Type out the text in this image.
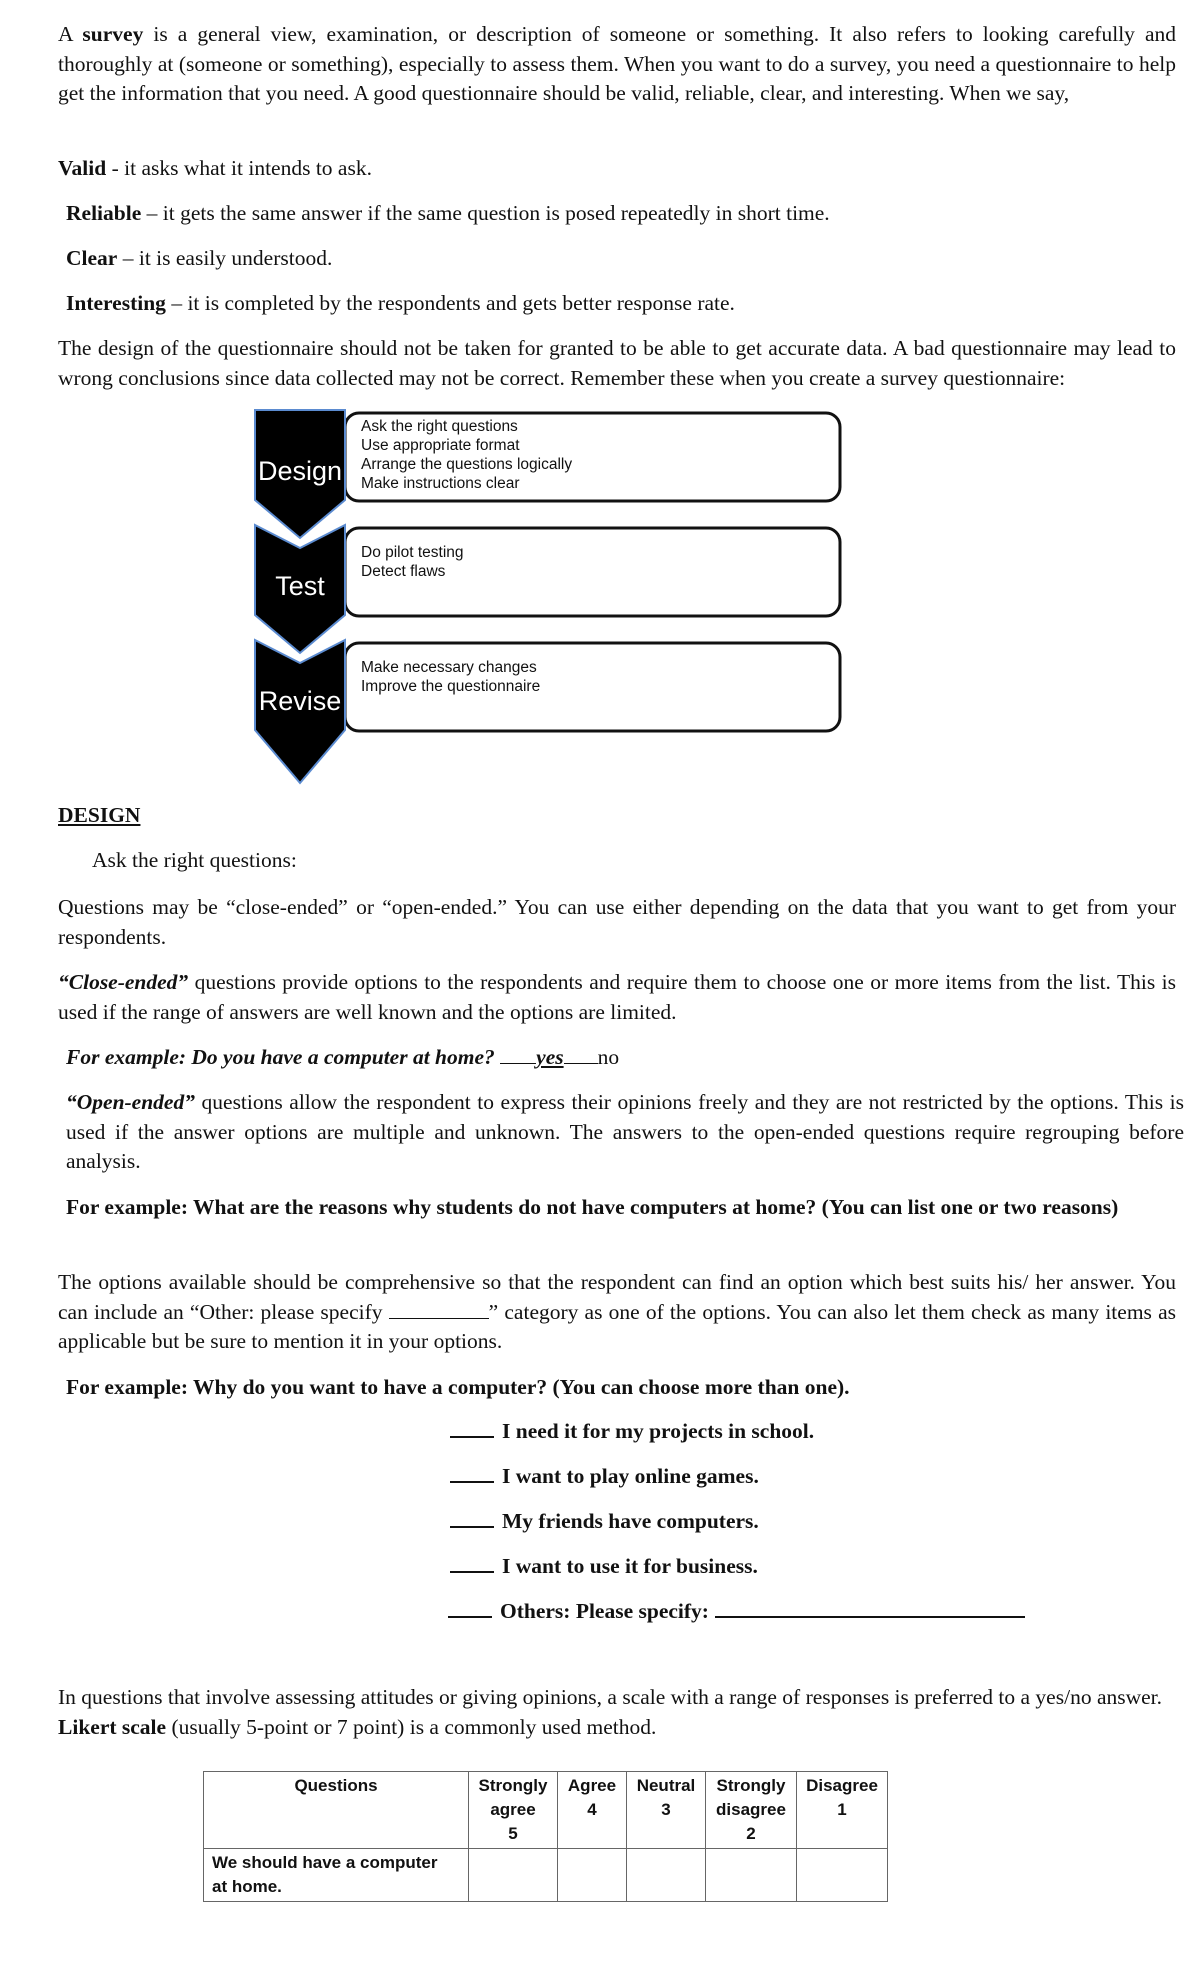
A survey is a general view, examination, or description of someone or something. It also refers to looking carefully and thoroughly at (someone or something), especially to assess them. When you want to do a survey, you need a questionnaire to help get the information that you need. A good questionnaire should be valid, reliable, clear, and interesting. When we say,

Valid - it asks what it intends to ask.

Reliable – it gets the same answer if the same question is posed repeatedly in short time.

Clear – it is easily understood.

Interesting – it is completed by the respondents and gets better response rate.

The design of the questionnaire should not be taken for granted to be able to get accurate data. A bad questionnaire may lead to wrong conclusions since data collected may not be correct. Remember these when you create a survey questionnaire:

Design
Test
Revise
Ask the right questions
Use appropriate format
Arrange the questions logically
Make instructions clear
Do pilot testing
Detect flaws
Make necessary changes
Improve the questionnaire
DESIGN
Ask the right questions:

Questions may be “close-ended” or “open-ended.” You can use either depending on the data that you want to get from your respondents.

“Close-ended” questions provide options to the respondents and require them to choose one or more items from the list. This is used if the range of answers are well known and the options are limited.

For example: Do you have a computer at home? yes no

“Open-ended” questions allow the respondent to express their opinions freely and they are not restricted by the options. This is used if the answer options are multiple and unknown. The answers to the open-ended questions require regrouping before analysis.

For example: What are the reasons why students do not have computers at home? (You can list one or two reasons)

The options available should be comprehensive so that the respondent can find an option which best suits his/ her answer. You can include an “Other: please specify	” category as one of the options. You can also let them check as many items as applicable but be sure to mention it in your options.

For example: Why do you want to have a computer? (You can choose more than one).

I need it for my projects in school.
I want to play online games.
My friends have computers.
I want to use it for business.
Others: Please specify:

In questions that involve assessing attitudes or giving opinions, a scale with a range of responses is preferred to a yes/no answer. Likert scale (usually 5-point or 7 point) is a commonly used method.

Questions	Strongly
agree
5	Agree
4	Neutral
3	Strongly
disagree
2	Disagree
1
We should have a computer
at home.					
